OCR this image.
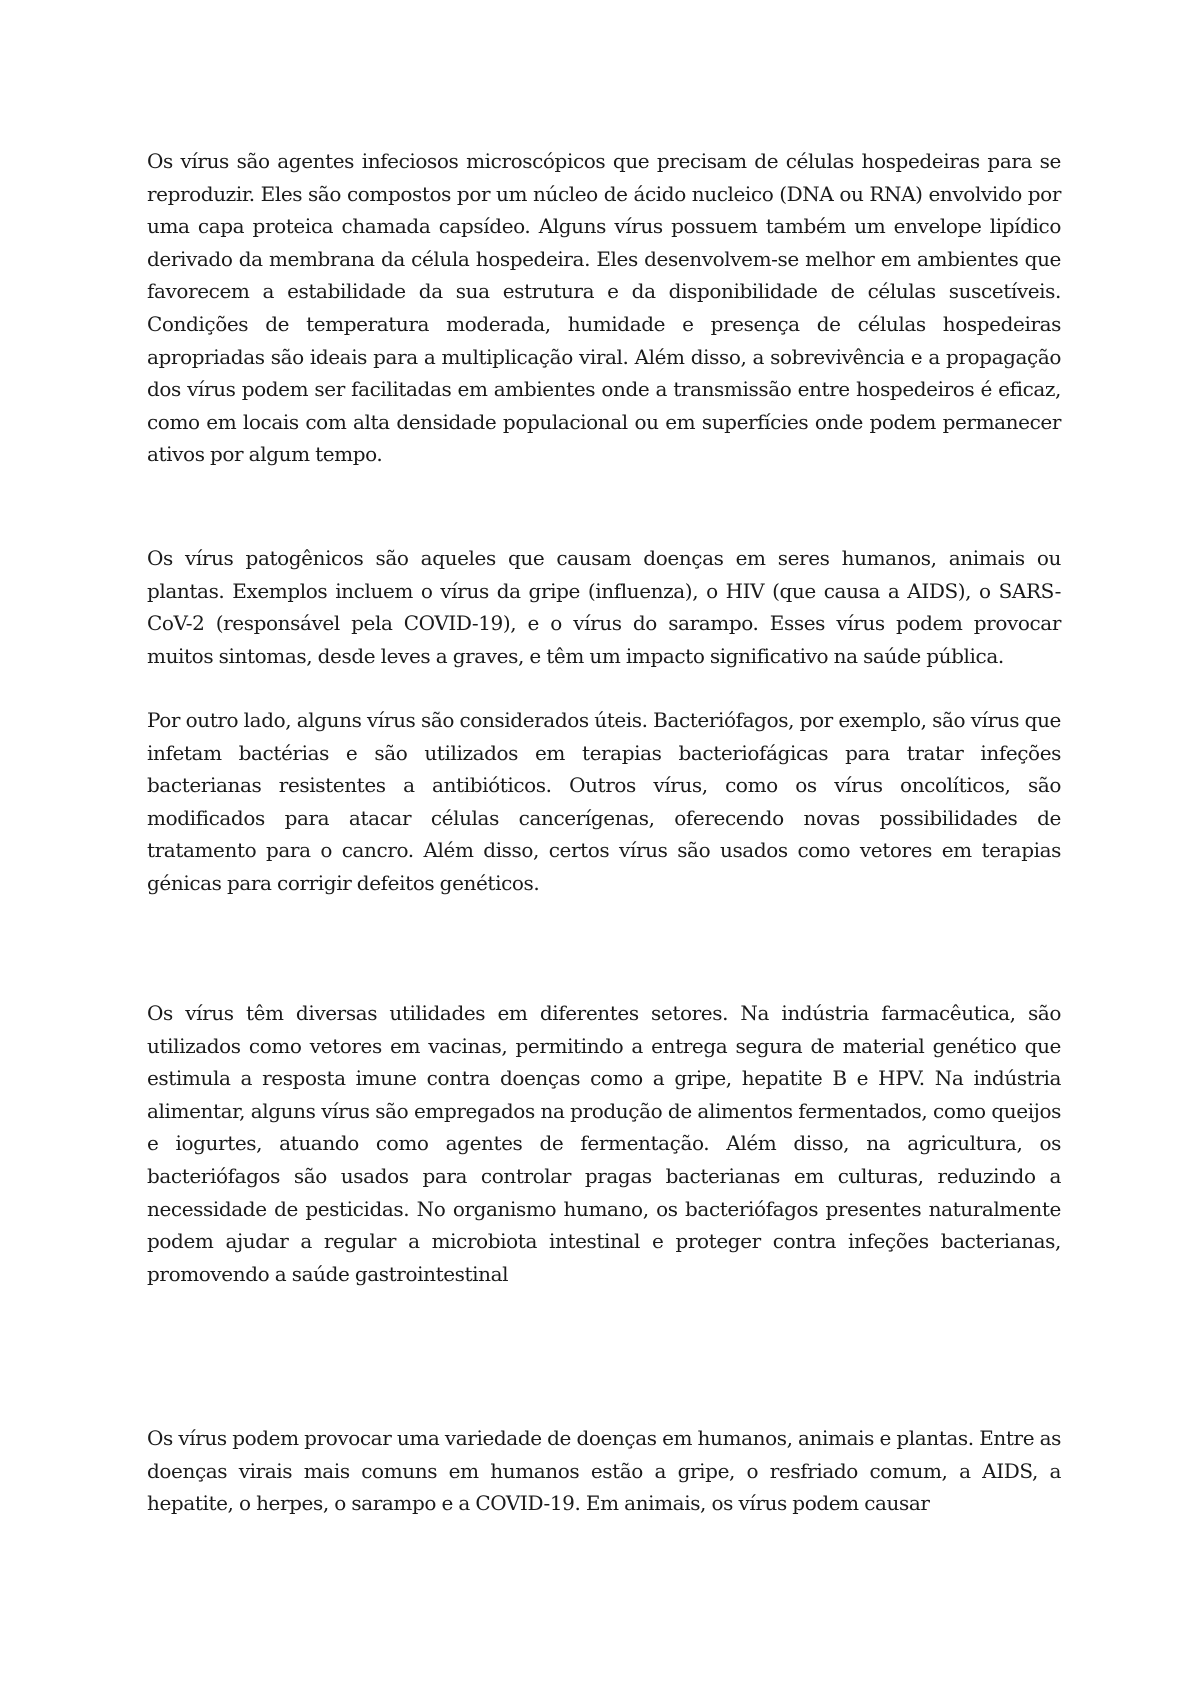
Os vírus são agentes infeciosos microscópicos que precisam de células hospedeiras para se reproduzir. Eles são compostos por um núcleo de ácido nucleico (DNA ou RNA) envolvido por uma capa proteica chamada capsídeo. Alguns vírus possuem também um envelope lipídico derivado da membrana da célula hospedeira. Eles desenvolvem-se melhor em ambientes que favorecem a estabilidade da sua estrutura e da disponibilidade de células suscetíveis. Condições de temperatura moderada, humidade e presença de células hospedeiras apropriadas são ideais para a multiplicação viral. Além disso, a sobrevivência e a propagação dos vírus podem ser facilitadas em ambientes onde a transmissão entre hospedeiros é eficaz, como em locais com alta densidade populacional ou em superfícies onde podem permanecer ativos por algum tempo.

Os vírus patogênicos são aqueles que causam doenças em seres humanos, animais ou plantas. Exemplos incluem o vírus da gripe (influenza), o HIV (que causa a AIDS), o SARS-CoV-2 (responsável pela COVID-19), e o vírus do sarampo. Esses vírus podem provocar muitos sintomas, desde leves a graves, e têm um impacto significativo na saúde pública.

Por outro lado, alguns vírus são considerados úteis. Bacteriófagos, por exemplo, são vírus que infetam bactérias e são utilizados em terapias bacteriofágicas para tratar infeções bacterianas resistentes a antibióticos. Outros vírus, como os vírus oncolíticos, são modificados para atacar células cancerígenas, oferecendo novas possibilidades de tratamento para o cancro. Além disso, certos vírus são usados como vetores em terapias génicas para corrigir defeitos genéticos.

Os vírus têm diversas utilidades em diferentes setores. Na indústria farmacêutica, são utilizados como vetores em vacinas, permitindo a entrega segura de material genético que estimula a resposta imune contra doenças como a gripe, hepatite B e HPV. Na indústria alimentar, alguns vírus são empregados na produção de alimentos fermentados, como queijos e iogurtes, atuando como agentes de fermentação. Além disso, na agricultura, os bacteriófagos são usados para controlar pragas bacterianas em culturas, reduzindo a necessidade de pesticidas. No organismo humano, os bacteriófagos presentes naturalmente podem ajudar a regular a microbiota intestinal e proteger contra infeções bacterianas, promovendo a saúde gastrointestinal

Os vírus podem provocar uma variedade de doenças em humanos, animais e plantas. Entre as doenças virais mais comuns em humanos estão a gripe, o resfriado comum, a AIDS, a hepatite, o herpes, o sarampo e a COVID-19. Em animais, os vírus podem causar
